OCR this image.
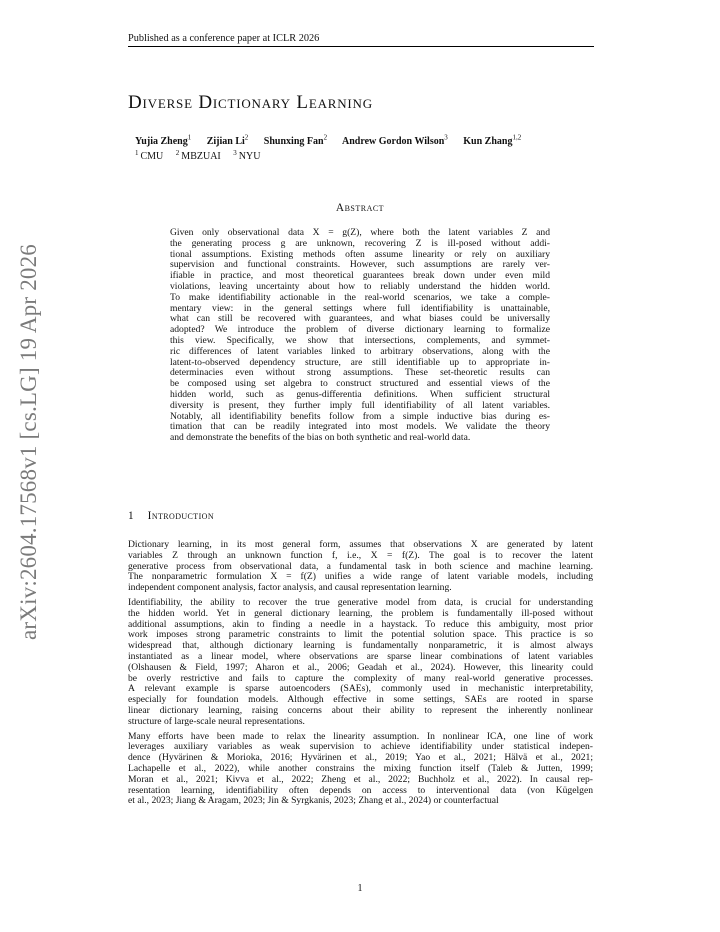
Published as a conference paper at ICLR 2026
arXiv:2604.17568v1 [cs.LG] 19 Apr 2026
Diverse Dictionary Learning
Yujia Zheng$^1$ Zijian Li$^2$ Shunxing Fan$^2$ Andrew Gordon Wilson$^3$ Kun Zhang$^{1,2}$
$^1$ CMU $^2$ MBZUAI $^3$ NYU
Abstract
Given only observational data X = g(Z), where both the latent variables Z and
the generating process g are unknown, recovering Z is ill-posed without addi-
tional assumptions. Existing methods often assume linearity or rely on auxiliary
supervision and functional constraints. However, such assumptions are rarely ver-
ifiable in practice, and most theoretical guarantees break down under even mild
violations, leaving uncertainty about how to reliably understand the hidden world.
To make identifiability actionable in the real-world scenarios, we take a comple-
mentary view: in the general settings where full identifiability is unattainable,
what can still be recovered with guarantees, and what biases could be universally
adopted? We introduce the problem of diverse dictionary learning to formalize
this view. Specifically, we show that intersections, complements, and symmet-
ric differences of latent variables linked to arbitrary observations, along with the
latent-to-observed dependency structure, are still identifiable up to appropriate in-
determinacies even without strong assumptions. These set-theoretic results can
be composed using set algebra to construct structured and essential views of the
hidden world, such as genus-differentia definitions. When sufficient structural
diversity is present, they further imply full identifiability of all latent variables.
Notably, all identifiability benefits follow from a simple inductive bias during es-
timation that can be readily integrated into most models. We validate the theory
and demonstrate the benefits of the bias on both synthetic and real-world data.
1 Introduction
Dictionary learning, in its most general form, assumes that observations X are generated by latent
variables Z through an unknown function f, i.e., X = f(Z). The goal is to recover the latent
generative process from observational data, a fundamental task in both science and machine learning.
The nonparametric formulation X = f(Z) unifies a wide range of latent variable models, including
independent component analysis, factor analysis, and causal representation learning.
Identifiability, the ability to recover the true generative model from data, is crucial for understanding
the hidden world. Yet in general dictionary learning, the problem is fundamentally ill-posed without
additional assumptions, akin to finding a needle in a haystack. To reduce this ambiguity, most prior
work imposes strong parametric constraints to limit the potential solution space. This practice is so
widespread that, although dictionary learning is fundamentally nonparametric, it is almost always
instantiated as a linear model, where observations are sparse linear combinations of latent variables
(Olshausen & Field, 1997; Aharon et al., 2006; Geadah et al., 2024). However, this linearity could
be overly restrictive and fails to capture the complexity of many real-world generative processes.
A relevant example is sparse autoencoders (SAEs), commonly used in mechanistic interpretability,
especially for foundation models. Although effective in some settings, SAEs are rooted in sparse
linear dictionary learning, raising concerns about their ability to represent the inherently nonlinear
structure of large-scale neural representations.
Many efforts have been made to relax the linearity assumption. In nonlinear ICA, one line of work
leverages auxiliary variables as weak supervision to achieve identifiability under statistical indepen-
dence (Hyvärinen & Morioka, 2016; Hyvärinen et al., 2019; Yao et al., 2021; Hälvä et al., 2021;
Lachapelle et al., 2022), while another constrains the mixing function itself (Taleb & Jutten, 1999;
Moran et al., 2021; Kivva et al., 2022; Zheng et al., 2022; Buchholz et al., 2022). In causal rep-
resentation learning, identifiability often depends on access to interventional data (von Kügelgen
et al., 2023; Jiang & Aragam, 2023; Jin & Syrgkanis, 2023; Zhang et al., 2024) or counterfactual
1
